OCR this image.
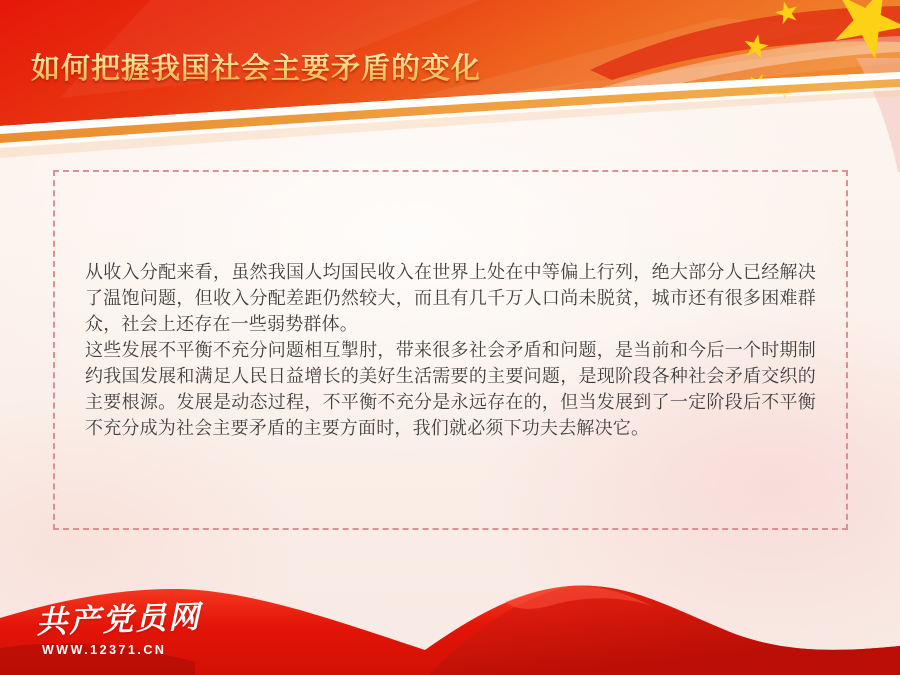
如何把握我国社会主要矛盾的变化

从收入分配来看，虽然我国人均国民收入在世界上处在中等偏上行列，绝大部分人已经解决了温饱问题，但收入分配差距仍然较大，而且有几千万人口尚未脱贫，城市还有很多困难群众，社会上还存在一些弱势群体。

这些发展不平衡不充分问题相互掣肘，带来很多社会矛盾和问题，是当前和今后一个时期制约我国发展和满足人民日益增长的美好生活需要的主要问题，是现阶段各种社会矛盾交织的主要根源。发展是动态过程，不平衡不充分是永远存在的，但当发展到了一定阶段后不平衡不充分成为社会主要矛盾的主要方面时，我们就必须下功夫去解决它。

共产党员网
WWW.12371.CN
